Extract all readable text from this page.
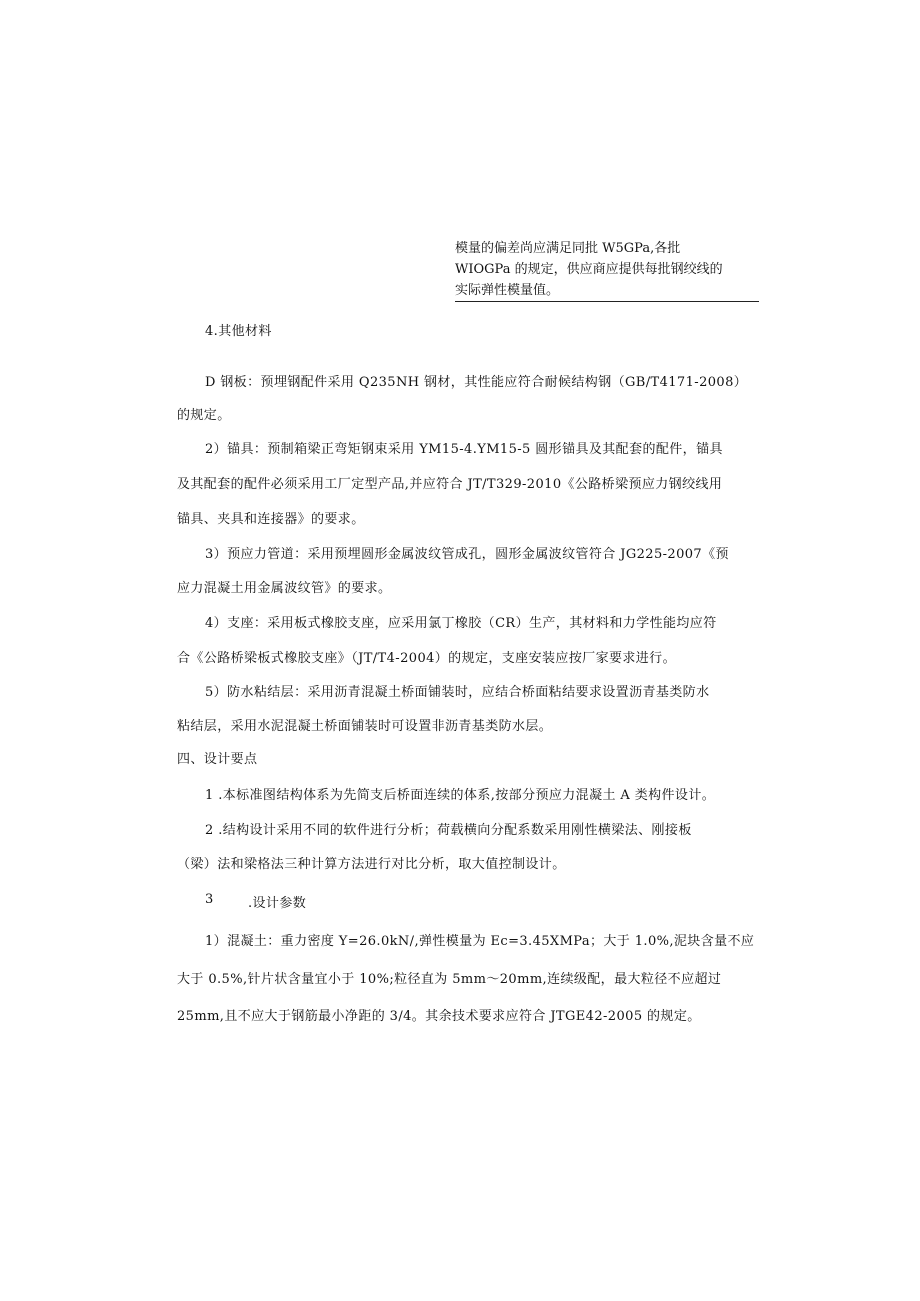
模量的偏差尚应满足同批 W5GPa,各批
WIOGPa 的规定，供应商应提供每批钢绞线的
实际弹性模量值。
4.其他材料
D 钢板：预埋钢配件采用 Q235NH 钢材，其性能应符合耐候结构钢（GB/T4171-2008）
的规定。
2）锚具：预制箱梁正弯矩钢束采用 YM15-4.YM15-5 圆形锚具及其配套的配件，锚具
及其配套的配件必须采用工厂定型产品,并应符合 JT/T329-2010《公路桥梁预应力钢绞线用
锚具、夹具和连接器》的要求。
3）预应力管道：采用预埋圆形金属波纹管成孔，圆形金属波纹管符合 JG225-2007《预
应力混凝土用金属波纹管》的要求。
4）支座：采用板式橡胶支座，应采用氯丁橡胶（CR）生产，其材料和力学性能均应符
合《公路桥梁板式橡胶支座》（JT/T4-2004）的规定，支座安装应按厂家要求进行。
5）防水粘结层：采用沥青混凝土桥面铺装时，应结合桥面粘结要求设置沥青基类防水
粘结层，采用水泥混凝土桥面铺装时可设置非沥青基类防水层。
四、设计要点
1 .本标准图结构体系为先简支后桥面连续的体系,按部分预应力混凝土 A 类构件设计。
2 .结构设计采用不同的软件进行分析；荷载横向分配系数采用刚性横梁法、刚接板
（梁）法和梁格法三种计算方法进行对比分析，取大值控制设计。
3	.设计参数
1）混凝土：重力密度 Y=26.0kN/,弹性模量为 Ec=3.45XMPa；大于 1.0%,泥块含量不应
大于 0.5%,针片状含量宜小于 10%;粒径直为 5mm～20mm,连续级配，最大粒径不应超过
25mm,且不应大于钢筋最小净距的 3/4。其余技术要求应符合 JTGE42-2005 的规定。
